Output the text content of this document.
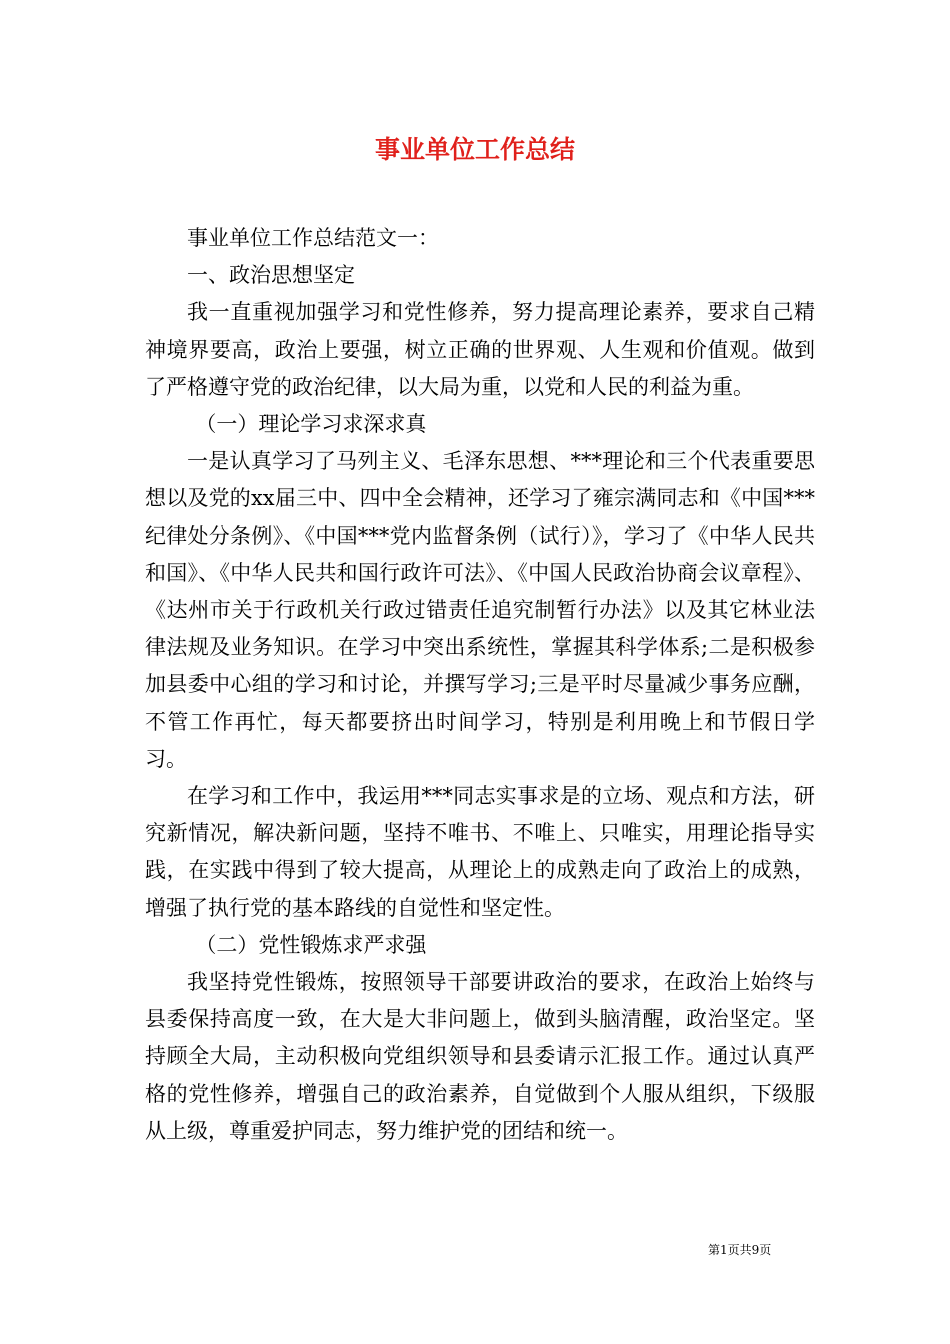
事业单位工作总结

事业单位工作总结范文一：

一、政治思想坚定

我一直重视加强学习和党性修养，努力提高理论素养，要求自己精神境界要高，政治上要强，树立正确的世界观、人生观和价值观。做到了严格遵守党的政治纪律，以大局为重，以党和人民的利益为重。

（一）理论学习求深求真

一是认真学习了马列主义、毛泽东思想、***理论和三个代表重要思想以及党的xx届三中、四中全会精神，还学习了雍宗满同志和《中国***纪律处分条例》、《中国***党内监督条例（试行）》，学习了《中华人民共和国》、《中华人民共和国行政许可法》、《中国人民政治协商会议章程》、《达州市关于行政机关行政过错责任追究制暂行办法》以及其它林业法律法规及业务知识。在学习中突出系统性，掌握其科学体系;二是积极参加县委中心组的学习和讨论，并撰写学习;三是平时尽量减少事务应酬，不管工作再忙，每天都要挤出时间学习，特别是利用晚上和节假日学习。

在学习和工作中，我运用***同志实事求是的立场、观点和方法，研究新情况，解决新问题，坚持不唯书、不唯上、只唯实，用理论指导实践，在实践中得到了较大提高，从理论上的成熟走向了政治上的成熟，增强了执行党的基本路线的自觉性和坚定性。

（二）党性锻炼求严求强

我坚持党性锻炼，按照领导干部要讲政治的要求，在政治上始终与县委保持高度一致，在大是大非问题上，做到头脑清醒，政治坚定。坚持顾全大局，主动积极向党组织领导和县委请示汇报工作。通过认真严格的党性修养，增强自己的政治素养，自觉做到个人服从组织，下级服从上级，尊重爱护同志，努力维护党的团结和统一。

第1页共9页
